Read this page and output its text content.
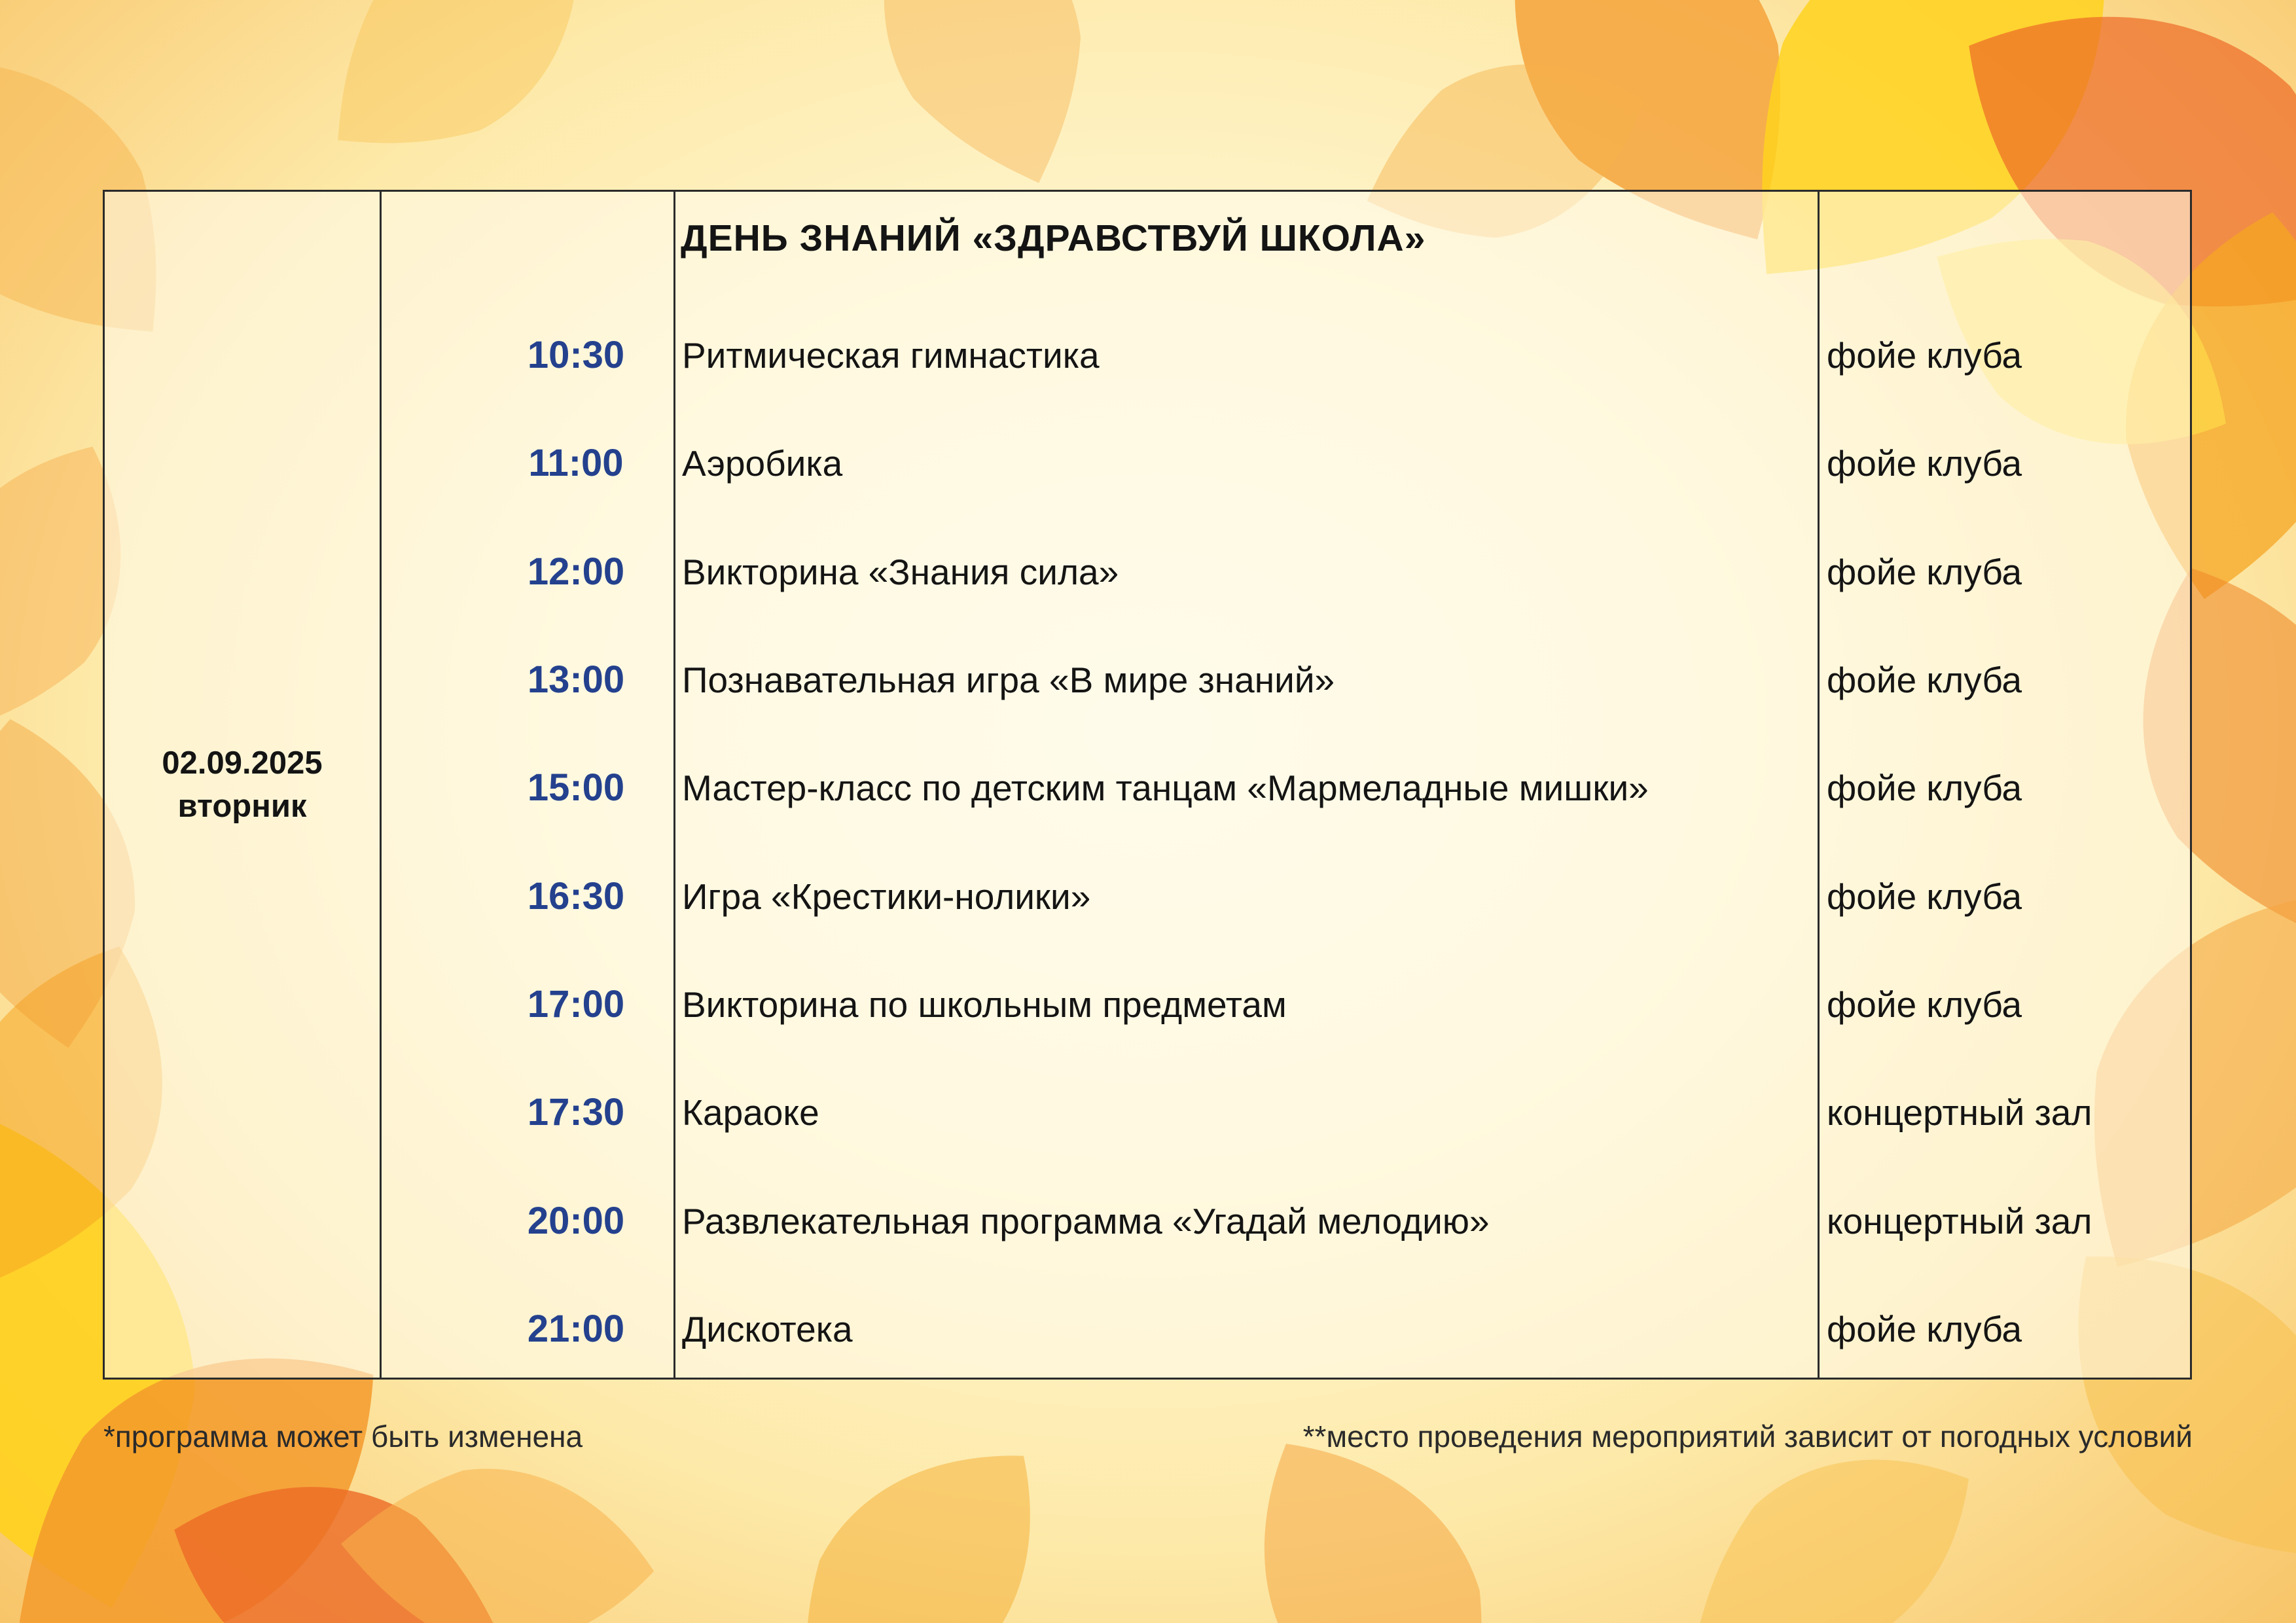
02.09.2025
вторник
ДЕНЬ ЗНАНИЙ «ЗДРАВСТВУЙ ШКОЛА»
10:30	Ритмическая гимнастика	фойе клуба
11:00	Аэробика	фойе клуба
12:00	Викторина «Знания сила»	фойе клуба
13:00	Познавательная игра «В мире знаний»	фойе клуба
15:00	Мастер-класс по детским танцам «Мармеладные мишки»	фойе клуба
16:30	Игра «Крестики-нолики»	фойе клуба
17:00	Викторина по школьным предметам	фойе клуба
17:30	Караоке	концертный зал
20:00	Развлекательная программа «Угадай мелодию»	концертный зал
21:00	Дискотека	фойе клуба
*программа может быть изменена	**место проведения мероприятий зависит от погодных условий
